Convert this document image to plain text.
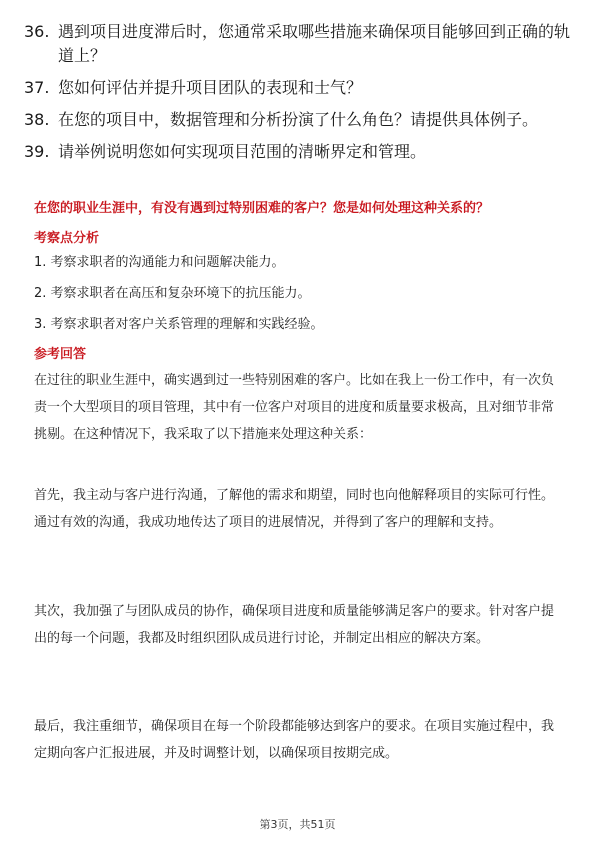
36. 遇到项目进度滞后时，您通常采取哪些措施来确保项目能够回到正确的轨道上？
37. 您如何评估并提升项目团队的表现和士气？
38. 在您的项目中，数据管理和分析扮演了什么角色？请提供具体例子。
39. 请举例说明您如何实现项目范围的清晰界定和管理。
在您的职业生涯中，有没有遇到过特别困难的客户？您是如何处理这种关系的？
考察点分析
1. 考察求职者的沟通能力和问题解决能力。
2. 考察求职者在高压和复杂环境下的抗压能力。
3. 考察求职者对客户关系管理的理解和实践经验。
参考回答
在过往的职业生涯中，确实遇到过一些特别困难的客户。比如在我上一份工作中，有一次负责一个大型项目的项目管理，其中有一位客户对项目的进度和质量要求极高，且对细节非常挑剔。在这种情况下，我采取了以下措施来处理这种关系：
首先，我主动与客户进行沟通，了解他的需求和期望，同时也向他解释项目的实际可行性。通过有效的沟通，我成功地传达了项目的进展情况，并得到了客户的理解和支持。
其次，我加强了与团队成员的协作，确保项目进度和质量能够满足客户的要求。针对客户提出的每一个问题，我都及时组织团队成员进行讨论，并制定出相应的解决方案。
最后，我注重细节，确保项目在每一个阶段都能够达到客户的要求。在项目实施过程中，我定期向客户汇报进展，并及时调整计划，以确保项目按期完成。
第3页，共51页
